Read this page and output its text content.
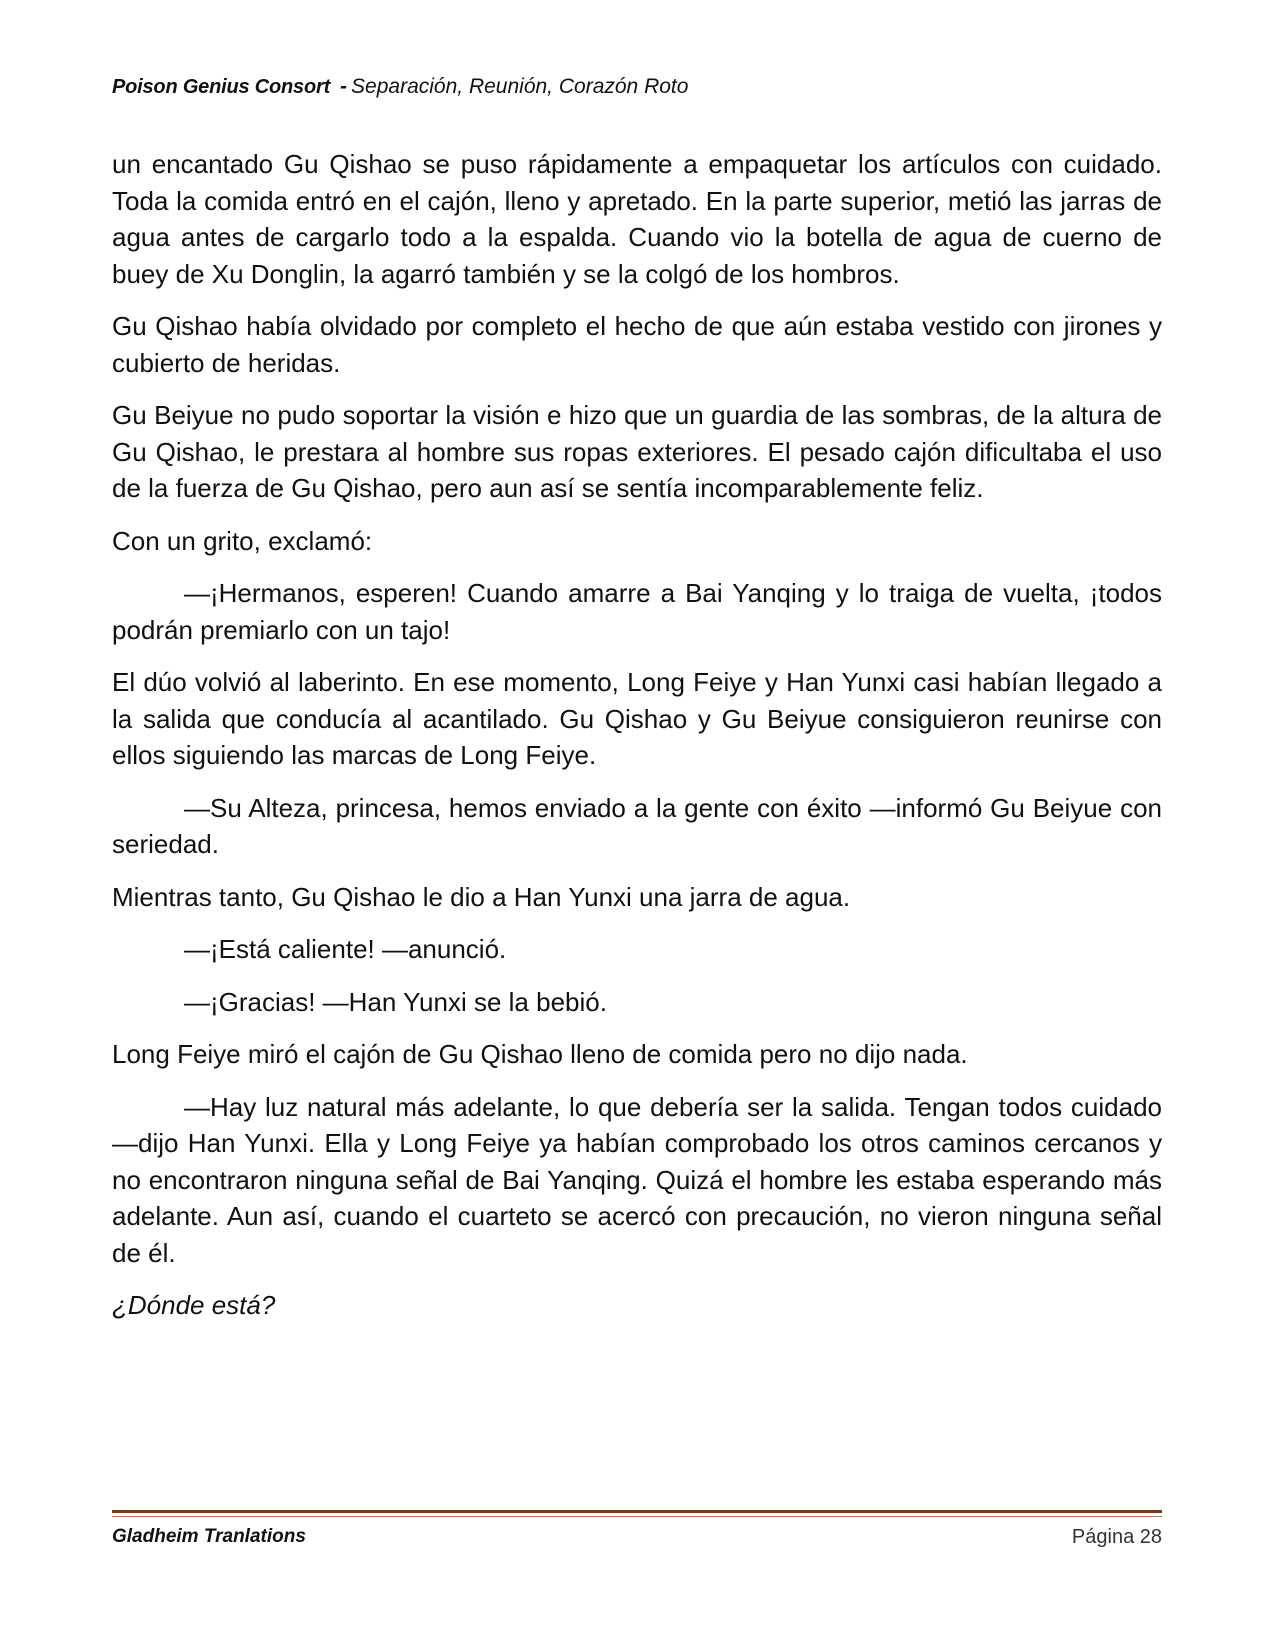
Poison Genius Consort - Separación, Reunión, Corazón Roto

un encantado Gu Qishao se puso rápidamente a empaquetar los artículos con cuidado. Toda la comida entró en el cajón, lleno y apretado. En la parte superior, metió las jarras de agua antes de cargarlo todo a la espalda. Cuando vio la botella de agua de cuerno de buey de Xu Donglin, la agarró también y se la colgó de los hombros.

Gu Qishao había olvidado por completo el hecho de que aún estaba vestido con jirones y cubierto de heridas.

Gu Beiyue no pudo soportar la visión e hizo que un guardia de las sombras, de la altura de Gu Qishao, le prestara al hombre sus ropas exteriores. El pesado cajón dificultaba el uso de la fuerza de Gu Qishao, pero aun así se sentía incomparablemente feliz.

Con un grito, exclamó:

—¡Hermanos, esperen! Cuando amarre a Bai Yanqing y lo traiga de vuelta, ¡todos podrán premiarlo con un tajo!

El dúo volvió al laberinto. En ese momento, Long Feiye y Han Yunxi casi habían llegado a la salida que conducía al acantilado. Gu Qishao y Gu Beiyue consiguieron reunirse con ellos siguiendo las marcas de Long Feiye.

—Su Alteza, princesa, hemos enviado a la gente con éxito —informó Gu Beiyue con seriedad.

Mientras tanto, Gu Qishao le dio a Han Yunxi una jarra de agua.

—¡Está caliente! —anunció.

—¡Gracias! —Han Yunxi se la bebió.

Long Feiye miró el cajón de Gu Qishao lleno de comida pero no dijo nada.

—Hay luz natural más adelante, lo que debería ser la salida. Tengan todos cuidado —dijo Han Yunxi. Ella y Long Feiye ya habían comprobado los otros caminos cercanos y no encontraron ninguna señal de Bai Yanqing. Quizá el hombre les estaba esperando más adelante. Aun así, cuando el cuarteto se acercó con precaución, no vieron ninguna señal de él.

¿Dónde está?

Gladheim Tranlations	Página 28
